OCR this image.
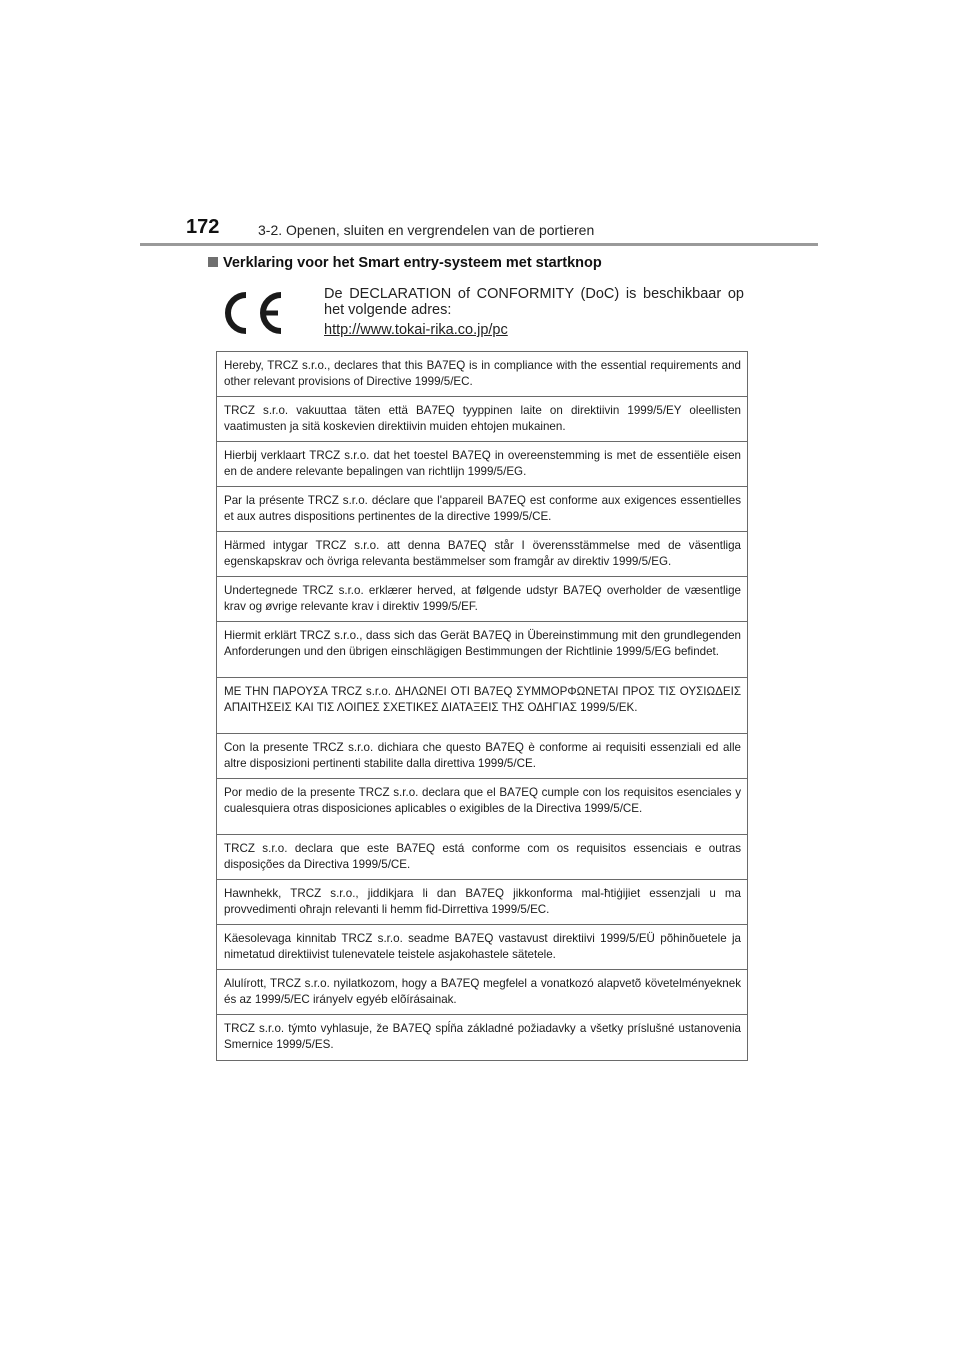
172	3-2. Openen, sluiten en vergrendelen van de portieren
Verklaring voor het Smart entry-systeem met startknop
De DECLARATION of CONFORMITY (DoC) is beschikbaar op het volgende adres:
http://www.tokai-rika.co.jp/pc
Hereby, TRCZ s.r.o., declares that this BA7EQ is in compliance with the essential requirements and other relevant provisions of Directive 1999/5/EC.
TRCZ s.r.o. vakuuttaa täten että BA7EQ tyyppinen laite on direktiivin 1999/5/EY oleellisten vaatimusten ja sitä koskevien direktiivin muiden ehtojen mukainen.
Hierbij verklaart TRCZ s.r.o. dat het toestel BA7EQ in overeenstemming is met de essentiële eisen en de andere relevante bepalingen van richtlijn 1999/5/EG.
Par la présente TRCZ s.r.o. déclare que l'appareil BA7EQ est conforme aux exigences essentielles et aux autres dispositions pertinentes de la directive 1999/5/CE.
Härmed intygar TRCZ s.r.o. att denna BA7EQ står I överensstämmelse med de väsentliga egenskapskrav och övriga relevanta bestämmelser som framgår av direktiv 1999/5/EG.
Undertegnede TRCZ s.r.o. erklærer herved, at følgende udstyr BA7EQ overholder de væsentlige krav og øvrige relevante krav i direktiv 1999/5/EF.
Hiermit erklärt TRCZ s.r.o., dass sich das Gerät BA7EQ in Übereinstimmung mit den grundlegenden Anforderungen und den übrigen einschlägigen Bestimmungen der Richtlinie 1999/5/EG befindet.
ΜΕ ΤΗΝ ΠΑΡΟΥΣΑ TRCZ s.r.o. ΔΗΛΩΝΕΙ ΟΤΙ BA7EQ ΣΥΜΜΟΡΦΩΝΕΤΑΙ ΠΡΟΣ ΤΙΣ ΟΥΣΙΩΔΕΙΣ ΑΠΑΙΤΗΣΕΙΣ ΚΑΙ ΤΙΣ ΛΟΙΠΕΣ ΣΧΕΤΙΚΕΣ ΔΙΑΤΑΞΕΙΣ ΤΗΣ ΟΔΗΓΙΑΣ 1999/5/ΕΚ.
Con la presente TRCZ s.r.o. dichiara che questo BA7EQ è conforme ai requisiti essenziali ed alle altre disposizioni pertinenti stabilite dalla direttiva 1999/5/CE.
Por medio de la presente TRCZ s.r.o. declara que el BA7EQ cumple con los requisitos esenciales y cualesquiera otras disposiciones aplicables o exigibles de la Directiva 1999/5/CE.
TRCZ s.r.o. declara que este BA7EQ está conforme com os requisitos essenciais e outras disposições da Directiva 1999/5/CE.
Hawnhekk, TRCZ s.r.o., jiddikjara li dan BA7EQ jikkonforma mal-ħtiġijiet essenzjali u ma provvedimenti oħrajn relevanti li hemm fid-Dirrettiva 1999/5/EC.
Käesolevaga kinnitab TRCZ s.r.o. seadme BA7EQ vastavust direktiivi 1999/5/EÜ põhinõuetele ja nimetatud direktiivist tulenevatele teistele asjakohastele sätetele.
Alulírott, TRCZ s.r.o. nyilatkozom, hogy a BA7EQ megfelel a vonatkozó alapvetõ követelményeknek és az 1999/5/EC irányelv egyéb elõírásainak.
TRCZ s.r.o. týmto vyhlasuje, že BA7EQ spĺňa základné požiadavky a všetky príslušné ustanovenia Smernice 1999/5/ES.
